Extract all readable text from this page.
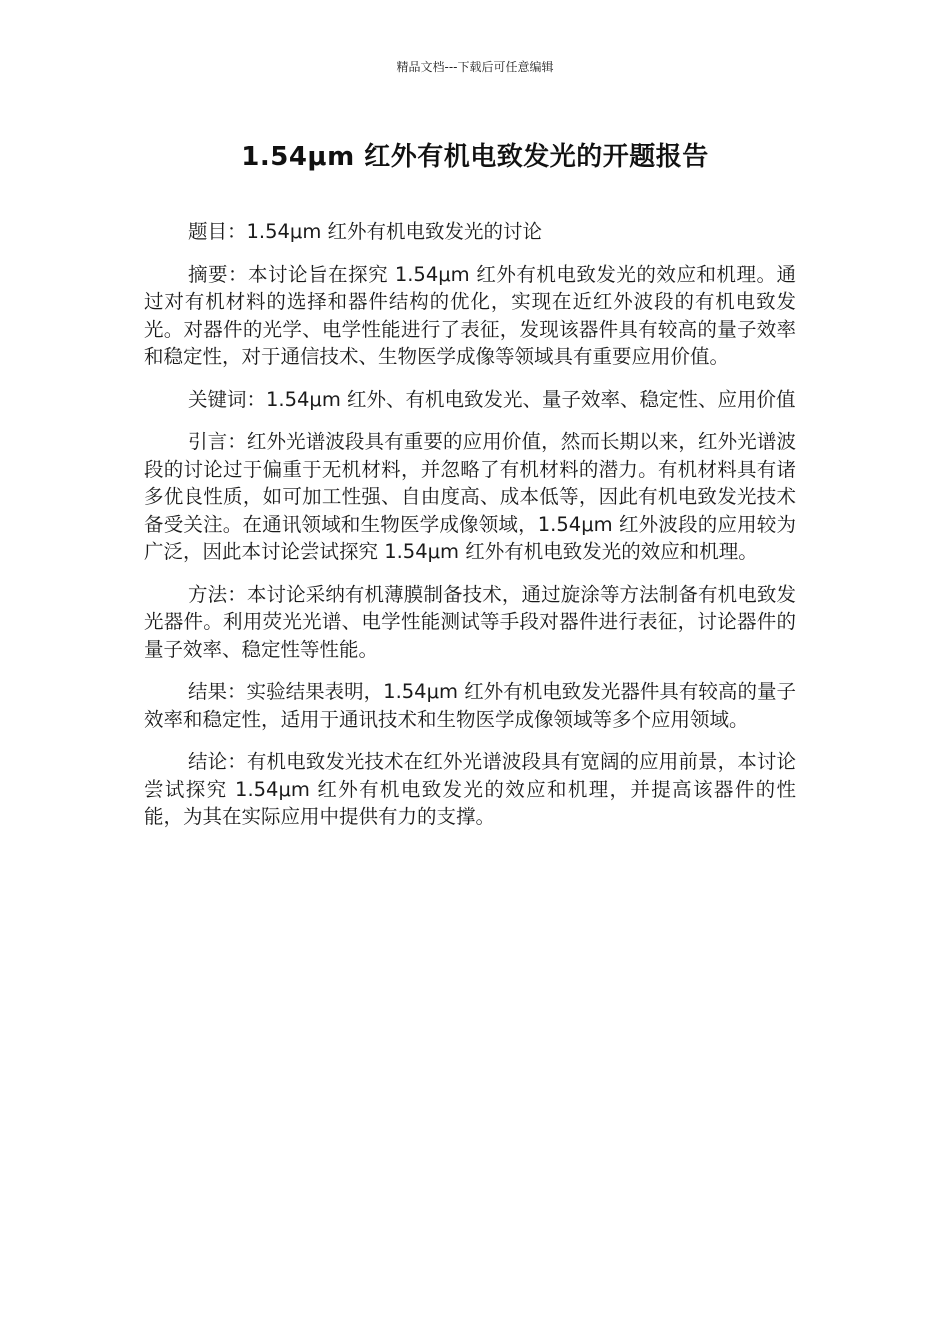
精品文档---下载后可任意编辑
1.54μm 红外有机电致发光的开题报告

题目：1.54μm 红外有机电致发光的讨论

摘要：本讨论旨在探究 1.54μm 红外有机电致发光的效应和机理。通过对有机材料的选择和器件结构的优化，实现在近红外波段的有机电致发光。对器件的光学、电学性能进行了表征，发现该器件具有较高的量子效率和稳定性，对于通信技术、生物医学成像等领域具有重要应用价值。

关键词：1.54μm 红外、有机电致发光、量子效率、稳定性、应用价值

引言：红外光谱波段具有重要的应用价值，然而长期以来，红外光谱波段的讨论过于偏重于无机材料，并忽略了有机材料的潜力。有机材料具有诸多优良性质，如可加工性强、自由度高、成本低等，因此有机电致发光技术备受关注。在通讯领域和生物医学成像领域，1.54μm 红外波段的应用较为广泛，因此本讨论尝试探究 1.54μm 红外有机电致发光的效应和机理。

方法：本讨论采纳有机薄膜制备技术，通过旋涂等方法制备有机电致发光器件。利用荧光光谱、电学性能测试等手段对器件进行表征，讨论器件的量子效率、稳定性等性能。

结果：实验结果表明，1.54μm 红外有机电致发光器件具有较高的量子效率和稳定性，适用于通讯技术和生物医学成像领域等多个应用领域。

结论：有机电致发光技术在红外光谱波段具有宽阔的应用前景，本讨论尝试探究 1.54μm 红外有机电致发光的效应和机理，并提高该器件的性能，为其在实际应用中提供有力的支撑。
